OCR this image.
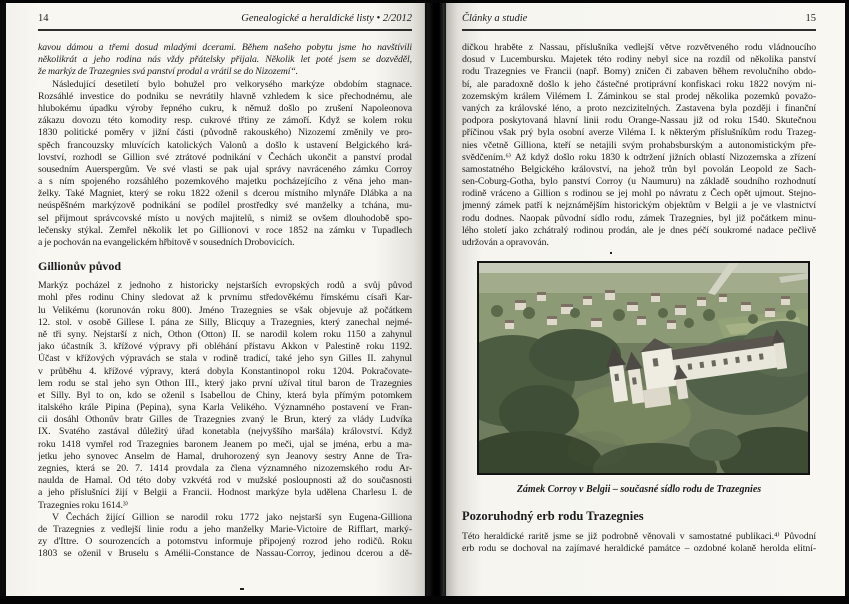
14	Genealogické a heraldické listy • 2/2012
kavou dámou a třemi dosud mladými dcerami. Během našeho pobytu jsme ho navštívili
několikrát a jeho rodina nás vždy přátelsky přijala. Několik let poté jsem se dozvěděl,
že markýz de Trazegnies svá panství prodal a vrátil se do Nizozemí“.
Následující desetiletí bylo bohužel pro velkorysého markýze obdobím stagnace.
Rozsáhlé investice do podniku se nevrátily hlavně vzhledem k sice přechodnému, ale
hlubokému úpadku výroby řepného cukru, k němuž došlo po zrušení Napoleonova
zákazu dovozu této komodity resp. cukrové třtiny ze zámoří. Když se kolem roku
1830 politické poměry v jižní části (původně rakouského) Nizozemí změnily ve pro-
spěch francouzsky mluvících katolických Valonů a došlo k ustavení Belgického krá-
lovství, rozhodl se Gillion své ztrátové podnikání v Čechách ukončit a panství prodal
sousedním Auerspergům. Ve své vlasti se pak ujal správy navráceného zámku Corroy
a s ním spojeného rozsáhlého pozemkového majetku pocházejícího z věna jeho man-
želky. Také Magniet, který se roku 1822 oženil s dcerou místního mlynáře Dlábka a na
neúspěšném markýzově podnikání se podílel prostředky své manželky a tchána, mu-
sel přijmout správcovské místo u nových majitelů, s nimiž se ovšem dlouhodobě spo-
lečensky stýkal. Zemřel několik let po Gillionovi v roce 1852 na zámku v Tupadlech
a je pochován na evangelickém hřbitově v sousedních Drobovicích.
Gillionův původ
Markýz pocházel z jednoho z historicky nejstarších evropských rodů a svůj původ
mohl přes rodinu Chiny sledovat až k prvnímu středověkému římskému císaři Kar-
lu Velikému (korunován roku 800). Jméno Trazegnies se však objevuje až počátkem
12. stol. v osobě Gillese I. pána ze Silly, Blicquy a Trazegnies, který zanechal nejmé-
ně tři syny. Nejstarší z nich, Othon (Otton) II. se narodil kolem roku 1150 a zahynul
jako účastník 3. křížové výpravy při obléhání přístavu Akkon v Palestině roku 1192.
Účast v křížových výpravách se stala v rodině tradicí, také jeho syn Gilles II. zahynul
v průběhu 4. křížové výpravy, která dobyla Konstantinopol roku 1204. Pokračovate-
lem rodu se stal jeho syn Othon III., který jako první užíval titul baron de Trazegnies
et Silly. Byl to on, kdo se oženil s Isabellou de Chiny, která byla přímým potomkem
italského krále Pipina (Pepina), syna Karla Velikého. Významného postavení ve Fran-
cii dosáhl Othonův bratr Gilles de Trazegnies zvaný le Brun, který za vlády Ludvíka
IX. Svatého zastával důležitý úřad konetabla (nejvyššího maršála) království. Když
roku 1418 vymřel rod Trazegnies baronem Jeanem po meči, ujal se jména, erbu a ma-
jetku jeho synovec Anselm de Hamal, druhorozený syn Jeanovy sestry Anne de Tra-
zegnies, která se 20. 7. 1414 provdala za člena významného nizozemského rodu Ar-
naulda de Hamal. Od této doby vzkvétá rod v mužské posloupnosti až do současnosti
a jeho příslušníci žijí v Belgii a Francii. Hodnost markýze byla udělena Charlesu I. de
Trazegnies roku 1614.³⁾
V Čechách žijící Gillion se narodil roku 1772 jako nejstarší syn Eugena-Gilliona
de Trazegnies z vedlejší linie rodu a jeho manželky Marie-Victoire de Rifflart, marký-
zy d'Ittre. O sourozencích a potomstvu informuje připojený rozrod jeho rodičů. Roku
1803 se oženil v Bruselu s Amélii-Constance de Nassau-Corroy, jedinou dcerou a dě-
Články a studie	15
dičkou hraběte z Nassau, příslušníka vedlejší větve rozvětveného rodu vládnoucího
dosud v Lucembursku. Majetek této rodiny nebyl sice na rozdíl od několika panství
rodu Trazegnies ve Francii (např. Bomy) zničen či zabaven během revolučního obdo-
bí, ale paradoxně došlo k jeho částečné protiprávní konfiskaci roku 1822 novým ni-
zozemským králem Vilémem I. Záminkou se stal prodej několika pozemků považo-
vaných za královské léno, a proto nezcizitelných. Zastavena byla později i finanční
podpora poskytovaná hlavní linii rodu Orange-Nassau již od roku 1540. Skutečnou
příčinou však prý byla osobní averze Viléma I. k některým příslušníkům rodu Trazeg-
nies včetně Gilliona, kteří se netajili svým prohabsburským a autonomistickým pře-
svědčením.⁶⁾ Až když došlo roku 1830 k odtržení jižních oblastí Nizozemska a zřízení
samostatného Belgického království, na jehož trůn byl povolán Leopold ze Sach-
sen-Coburg-Gotha, bylo panství Corroy (u Naumuru) na základě soudního rozhodnutí
rodině vráceno a Gillion s rodinou se jej mohl po návratu z Čech opět ujmout. Stejno-
jmenný zámek patří k nejznámějším historickým objektům v Belgii a je ve vlastnictví
rodu dodnes. Naopak původní sídlo rodu, zámek Trazegnies, byl již počátkem minu-
lého století jako zchátralý rodinou prodán, ale je dnes péčí soukromé nadace pečlivě
udržován a opravován.
Zámek Corroy v Belgii – současné sídlo rodu de Trazegnies
Pozoruhodný erb rodu Trazegnies
Této heraldické raritě jsme se již podrobně věnovali v samostatné publikaci.⁴⁾ Původní
erb rodu se dochoval na zajímavé heraldické památce – ozdobné kolaně herolda elitní-
